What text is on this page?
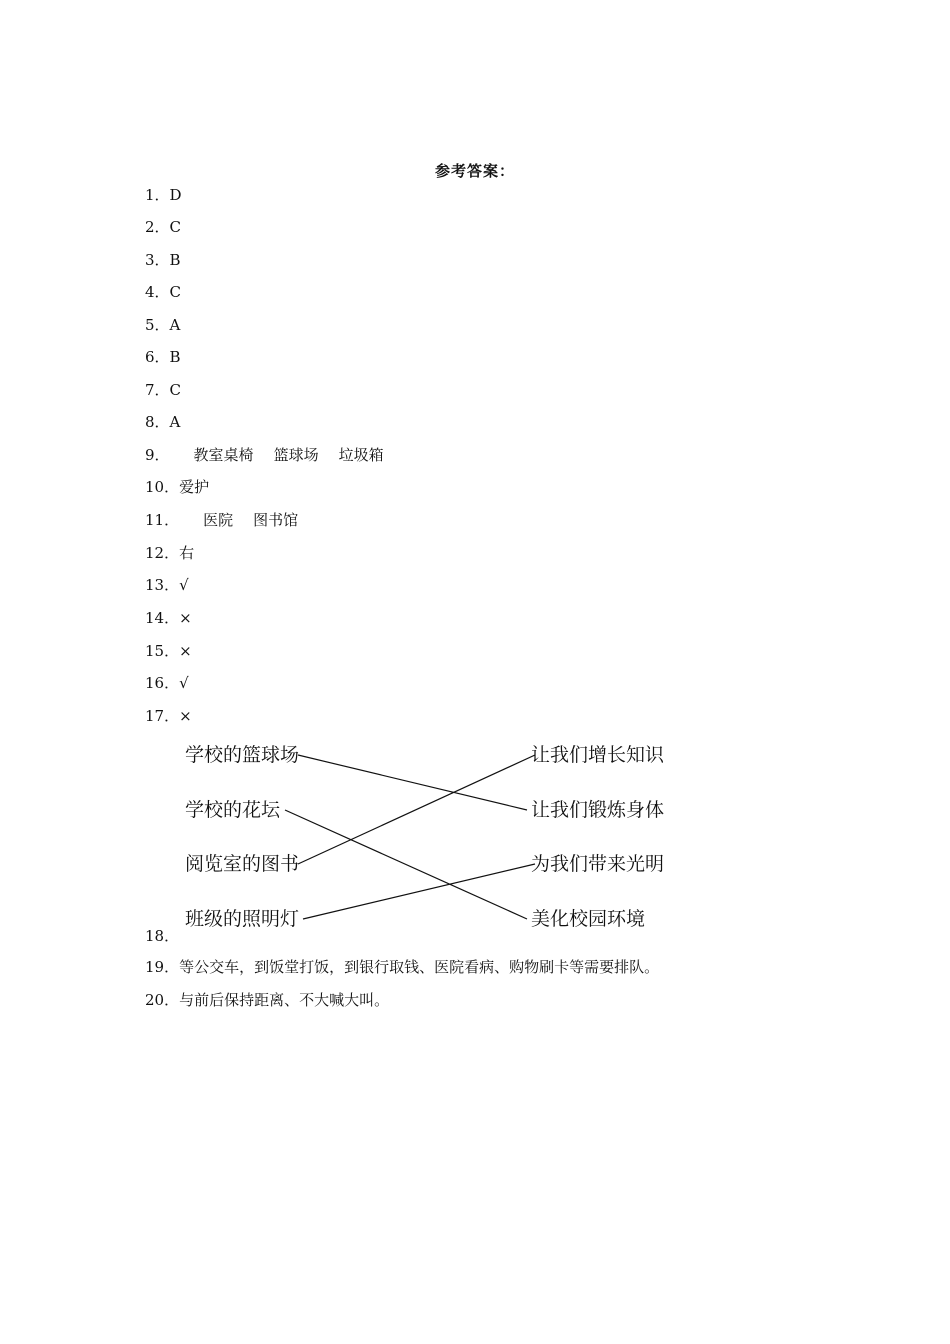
参考答案：
1．D
2．C
3．B
4．C
5．A
6．B
7．C
8．A
9． 教室桌椅 篮球场 垃圾箱
10．爱护
11． 医院 图书馆
12．右
13．√
14．×
15．×
16．√
17．×
18．
19．等公交车，到饭堂打饭，到银行取钱、医院看病、购物刷卡等需要排队。
20．与前后保持距离、不大喊大叫。
学校的篮球场
学校的花坛
阅览室的图书
班级的照明灯
让我们增长知识
让我们锻炼身体
为我们带来光明
美化校园环境
